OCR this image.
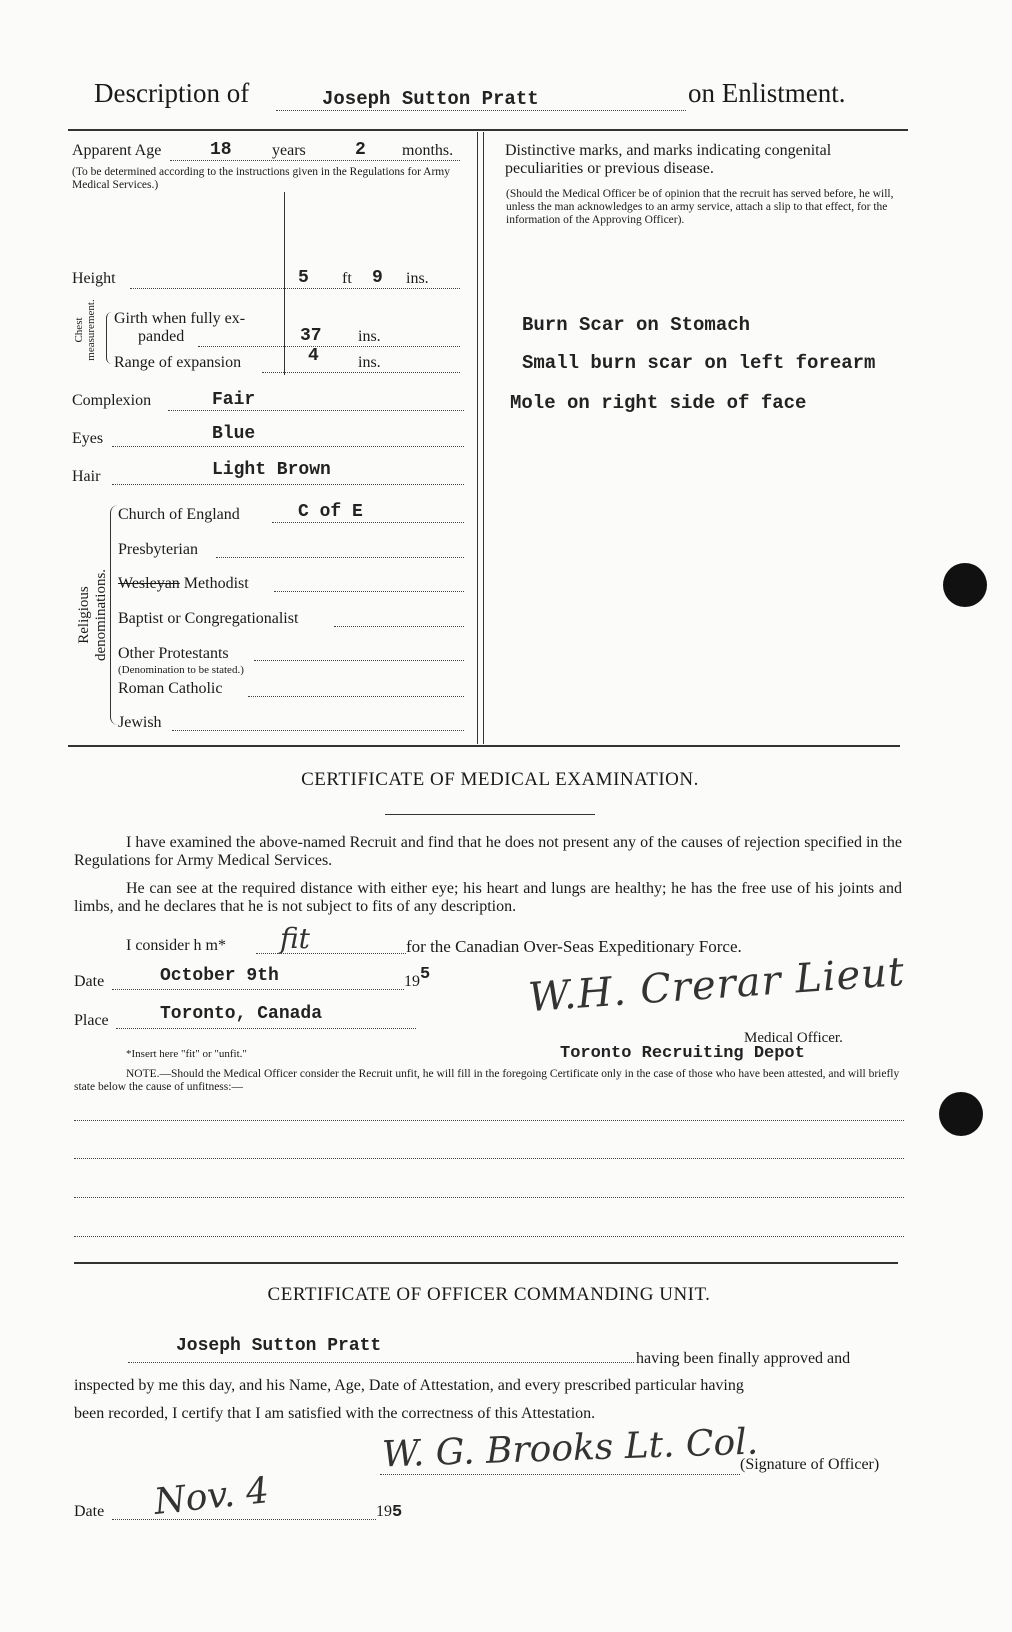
Description of	Joseph Sutton Pratt	on Enlistment.
Apparent Age	18	years	2 months.
(To be determined according to the instructions given in the Regulations for Army Medical Services.)
Height	5 ft 9 ins.
Chest measurement. Girth when fully ex-
panded	37 ins.
Range of expansion	4 ins.
Complexion	Fair
Eyes	Blue
Hair	Light Brown
Religious denominations.
Church of England	C of E
Presbyterian
Wesleyan Methodist
Baptist or Congregationalist
Other Protestants
(Denomination to be stated.)
Roman Catholic
Jewish
Distinctive marks, and marks indicating congenital
peculiarities or previous disease.
(Should the Medical Officer be of opinion that the recruit has served before, he will, unless the man acknowledges to an army service, attach a slip to that effect, for the information of the Approving Officer).
Burn Scar on Stomach
Small burn scar on left forearm
Mole on right side of face
CERTIFICATE OF MEDICAL EXAMINATION.
I have examined the above-named Recruit and find that he does not present any of the causes of rejection specified in the Regulations for Army Medical Services.
He can see at the required distance with either eye; his heart and lungs are healthy; he has the free use of his joints and limbs, and he declares that he is not subject to fits of any description.
I consider h m* fit	for the Canadian Over-Seas Expeditionary Force.
Date	October 9th	195
Place	Toronto, Canada	W.H. Crerar Lieut
Medical Officer.
Toronto Recruiting Depot
*Insert here "fit" or "unfit."
NOTE.—Should the Medical Officer consider the Recruit unfit, he will fill in the foregoing Certificate only in the case of those who have been attested, and will briefly state below the cause of unfitness:—
CERTIFICATE OF OFFICER COMMANDING UNIT.
Joseph Sutton Pratt
having been finally approved and
inspected by me this day, and his Name, Age, Date of Attestation, and every prescribed particular having
been recorded, I certify that I am satisfied with the correctness of this Attestation.
W. G. Brooks Lt. Col.
(Signature of Officer)
Date Nov. 4	195
